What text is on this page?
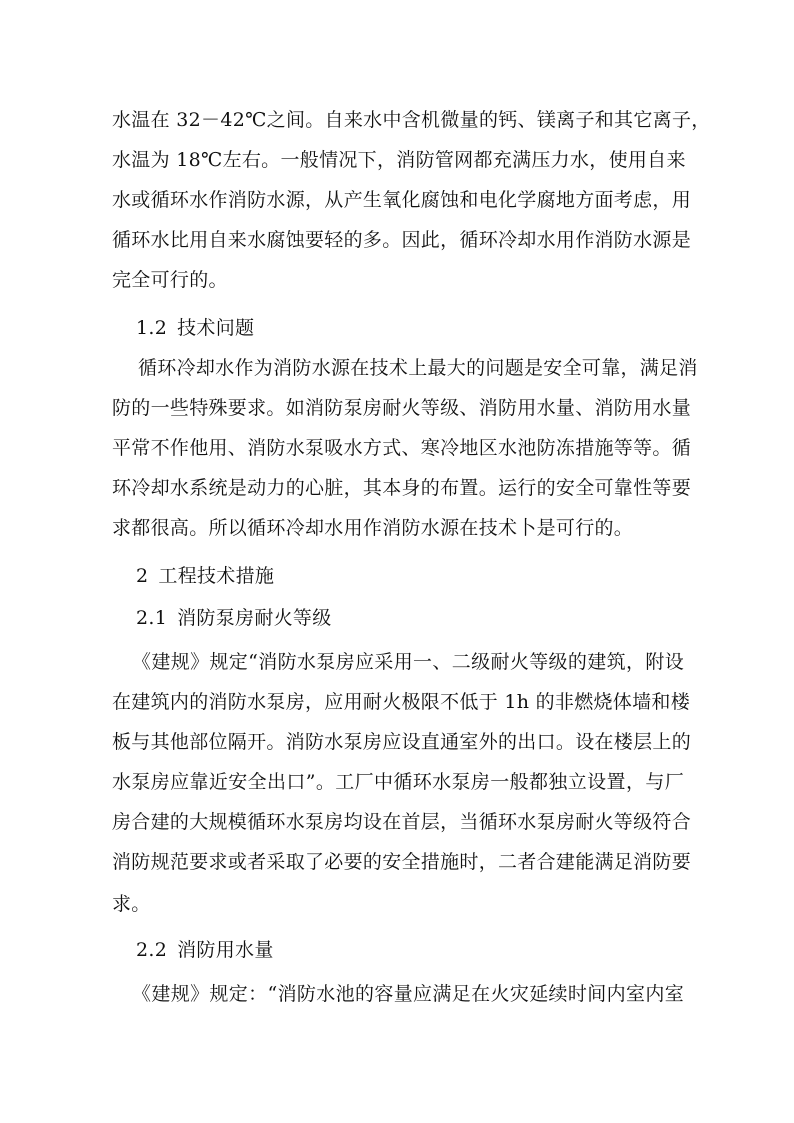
水温在 32－42℃之间。自来水中含机微量的钙、镁离子和其它离子，
水温为 18℃左右。一般情况下，消防管网都充满压力水，使用自来
水或循环水作消防水源，从产生氧化腐蚀和电化学腐地方面考虑，用
循环水比用自来水腐蚀要轻的多。因此，循环冷却水用作消防水源是
完全可行的。
1.2 技术问题
循环冷却水作为消防水源在技术上最大的问题是安全可靠，满足消
防的一些特殊要求。如消防泵房耐火等级、消防用水量、消防用水量
平常不作他用、消防水泵吸水方式、寒冷地区水池防冻措施等等。循
环冷却水系统是动力的心脏，其本身的布置。运行的安全可靠性等要
求都很高。所以循环冷却水用作消防水源在技术卜是可行的。
2 工程技术措施
2.1 消防泵房耐火等级
《建规》规定“消防水泵房应采用一、二级耐火等级的建筑，附设
在建筑内的消防水泵房，应用耐火极限不低于 1h 的非燃烧体墙和楼
板与其他部位隔开。消防水泵房应设直通室外的出口。设在楼层上的
水泵房应靠近安全出口”。工厂中循环水泵房一般都独立设置，与厂
房合建的大规模循环水泵房均设在首层，当循环水泵房耐火等级符合
消防规范要求或者采取了必要的安全措施时，二者合建能满足消防要
求。
2.2 消防用水量
《建规》规定：“消防水池的容量应满足在火灾延续时间内室内室
